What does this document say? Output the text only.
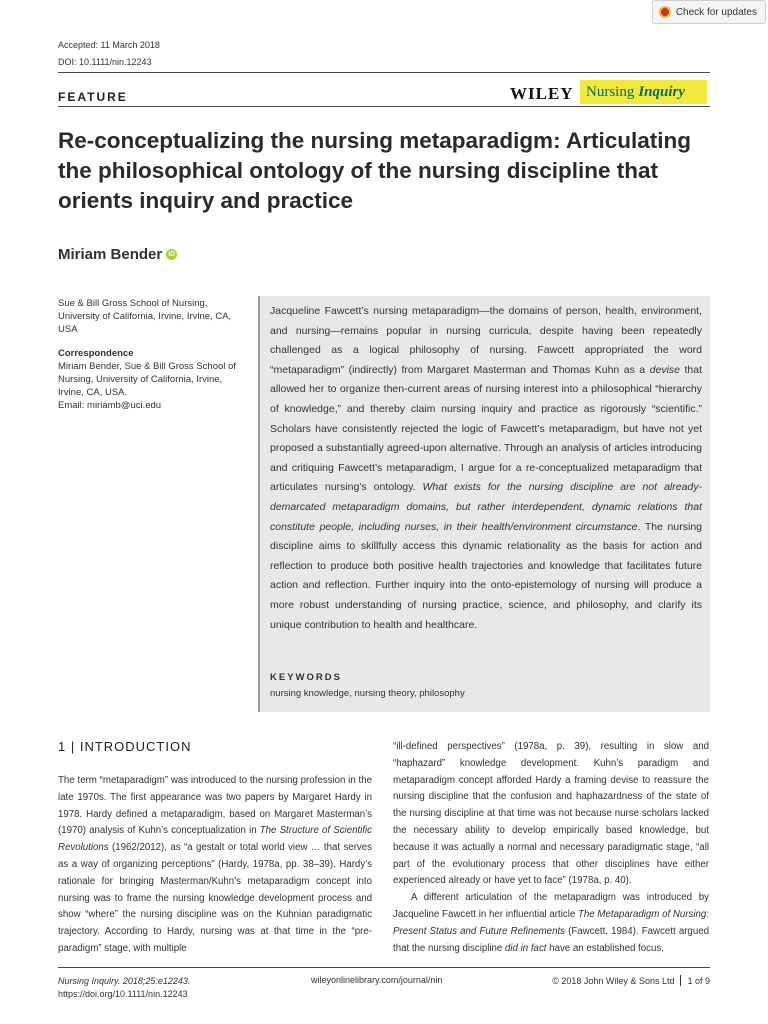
Check for updates
Accepted: 11 March 2018
DOI: 10.1111/nin.12243
FEATURE	WILEY Nursing Inquiry
Re-conceptualizing the nursing metaparadigm: Articulating the philosophical ontology of the nursing discipline that orients inquiry and practice
Miriam Bender iD
Sue & Bill Gross School of Nursing, University of California, Irvine, Irvine, CA, USA
Correspondence
Miriam Bender, Sue & Bill Gross School of Nursing, University of California, Irvine, Irvine, CA, USA.
Email: miriamb@uci.edu
Jacqueline Fawcett’s nursing metaparadigm—the domains of person, health, environment, and nursing—remains popular in nursing curricula, despite having been repeatedly challenged as a logical philosophy of nursing. Fawcett appropriated the word “metaparadigm” (indirectly) from Margaret Masterman and Thomas Kuhn as a devise that allowed her to organize then-current areas of nursing interest into a philosophical “hierarchy of knowledge,” and thereby claim nursing inquiry and practice as rigorously “scientific.” Scholars have consistently rejected the logic of Fawcett’s metaparadigm, but have not yet proposed a substantially agreed-upon alternative. Through an analysis of articles introducing and critiquing Fawcett’s metaparadigm, I argue for a re-conceptualized metaparadigm that articulates nursing’s ontology. What exists for the nursing discipline are not already-demarcated metaparadigm domains, but rather interdependent, dynamic relations that constitute people, including nurses, in their health/environment circumstance. The nursing discipline aims to skillfully access this dynamic relationality as the basis for action and reflection to produce both positive health trajectories and knowledge that facilitates future action and reflection. Further inquiry into the onto-epistemology of nursing will produce a more robust understanding of nursing practice, science, and philosophy, and clarify its unique contribution to health and healthcare.
KEYWORDS
nursing knowledge, nursing theory, philosophy
1 | INTRODUCTION
The term “metaparadigm” was introduced to the nursing profession in the late 1970s. The first appearance was two papers by Margaret Hardy in 1978. Hardy defined a metaparadigm, based on Margaret Masterman’s (1970) analysis of Kuhn’s conceptualization in The Structure of Scientific Revolutions (1962/2012), as “a gestalt or total world view … that serves as a way of organizing perceptions” (Hardy, 1978a, pp. 38–39). Hardy’s rationale for bringing Masterman/Kuhn’s metaparadigm concept into nursing was to frame the nursing knowledge development process and show “where” the nursing discipline was on the Kuhnian paradigmatic trajectory. According to Hardy, nursing was at that time in the “pre-paradigm” stage, with multiple
“ill-defined perspectives” (1978a, p. 39), resulting in slow and “haphazard” knowledge development. Kuhn’s paradigm and metaparadigm concept afforded Hardy a framing devise to reassure the nursing discipline that the confusion and haphazardness of the state of the nursing discipline at that time was not because nurse scholars lacked the necessary ability to develop empirically based knowledge, but because it was actually a normal and necessary paradigmatic stage, “all part of the evolutionary process that other disciplines have either experienced already or have yet to face” (1978a, p. 40).
A different articulation of the metaparadigm was introduced by Jacqueline Fawcett in her influential article The Metaparadigm of Nursing: Present Status and Future Refinements (Fawcett, 1984). Fawcett argued that the nursing discipline did in fact have an established focus,
Nursing Inquiry. 2018;25:e12243.
https://doi.org/10.1111/nin.12243
wileyonlinelibrary.com/journal/nin	© 2018 John Wiley & Sons Ltd 1 of 9
